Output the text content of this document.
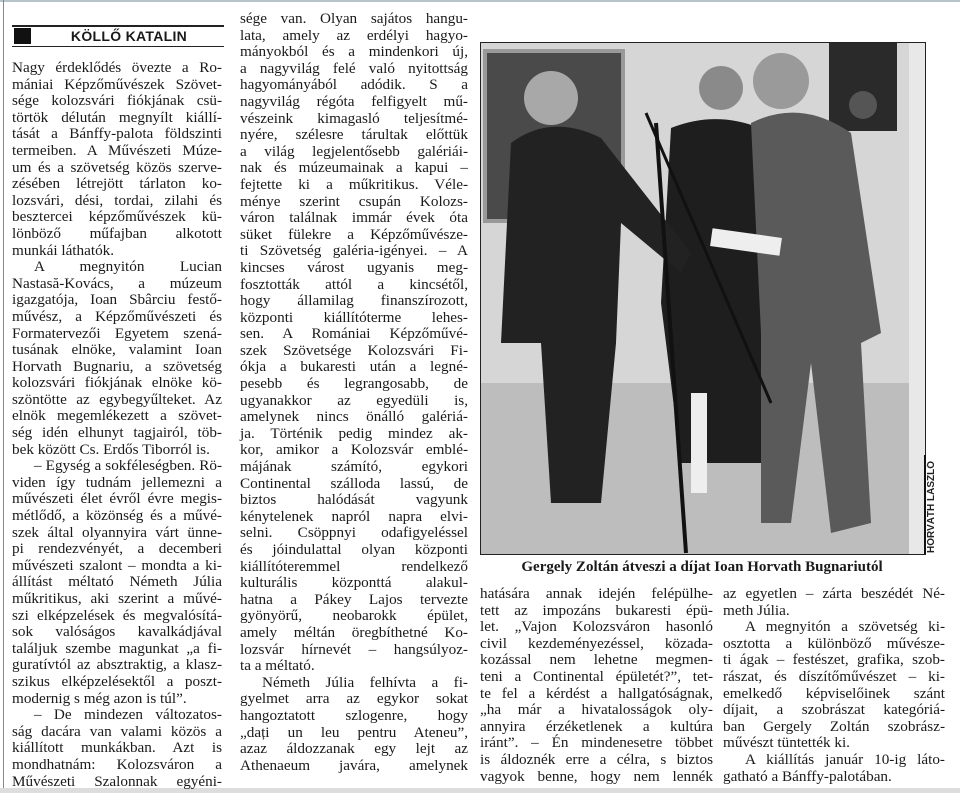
KÖLLŐ KATALIN
Nagy érdeklődés övezte a Ro-
mániai Képzőművészek Szövet-
sége kolozsvári fiókjának csü-
törtök délután megnyílt kiállí-
tását a Bánffy-palota földszinti
termeiben. A Művészeti Múze-
um és a szövetség közös szerve-
zésében létrejött tárlaton ko-
lozsvári, dési, tordai, zilahi és
besztercei képzőművészek kü-
lönböző műfajban alkotott
munkái láthatók.
A megnyitón Lucian
Nastasă-Kovács, a múzeum
igazgatója, Ioan Sbârciu festő-
művész, a Képzőművészeti és
Formatervezői Egyetem szená-
tusának elnöke, valamint Ioan
Horvath Bugnariu, a szövetség
kolozsvári fiókjának elnöke kö-
szöntötte az egybegyűlteket. Az
elnök megemlékezett a szövet-
ség idén elhunyt tagjairól, töb-
bek között Cs. Erdős Tiborról is.
– Egység a sokféleségben. Rö-
viden így tudnám jellemezni a
művészeti élet évről évre megis-
métlődő, a közönség és a művé-
szek által olyannyira várt ünne-
pi rendezvényét, a decemberi
művészeti szalont – mondta a ki-
állítást méltató Németh Júlia
műkritikus, aki szerint a művé-
szi elképzelések és megvalósítá-
sok valóságos kavalkádjával
találjuk szembe magunkat „a fi-
guratívtól az absztraktig, a klasz-
szikus elképzelésektől a poszt-
modernig s még azon is túl”.
– De mindezen változatos-
ság dacára van valami közös a
kiállított munkákban. Azt is
mondhatnám: Kolozsváron a
Művészeti Szalonnak egyéni-
sége van. Olyan sajátos hangu-
lata, amely az erdélyi hagyo-
mányokból és a mindenkori új,
a nagyvilág felé való nyitottság
hagyományából adódik. S a
nagyvilág régóta felfigyelt mű-
vészeink kimagasló teljesítmé-
nyére, szélesre tárultak előttük
a világ legjelentősebb galériái-
nak és múzeumainak a kapui –
fejtette ki a műkritikus. Véle-
ménye szerint csupán Kolozs-
váron találnak immár évek óta
süket fülekre a Képzőművésze-
ti Szövetség galéria-igényei. – A
kincses várost ugyanis meg-
fosztották attól a kincsétől,
hogy államilag finanszírozott,
központi kiállítóterme lehes-
sen. A Romániai Képzőművé-
szek Szövetsége Kolozsvári Fi-
ókja a bukaresti után a legné-
pesebb és legrangosabb, de
ugyanakkor az egyedüli is,
amelynek nincs önálló galériá-
ja. Történik pedig mindez ak-
kor, amikor a Kolozsvár emblé-
májának számító, egykori
Continental szálloda lassú, de
biztos halódását vagyunk
kénytelenek napról napra elvi-
selni. Csöppnyi odafigyeléssel
és jóindulattal olyan központi
kiállítóteremmel rendelkező
kulturális központtá alakul-
hatna a Pákey Lajos tervezte
gyönyörű, neobarokk épület,
amely méltán öregbíthetné Ko-
lozsvár hírnevét – hangsúlyoz-
ta a méltató.
Németh Júlia felhívta a fi-
gyelmet arra az egykor sokat
hangoztatott szlogenre, hogy
„dați un leu pentru Ateneu”,
azaz áldozzanak egy lejt az
Athenaeum javára, amelynek
hatására annak idején felépülhe-
tett az impozáns bukaresti épü-
let. „Vajon Kolozsváron hasonló
civil kezdeményezéssel, közada-
kozással nem lehetne megmen-
teni a Continental épületét?”, tet-
te fel a kérdést a hallgatóságnak,
„ha már a hivatalosságok oly-
annyira érzéketlenek a kultúra
iránt”. – Én mindenesetre többet
is áldoznék erre a célra, s biztos
vagyok benne, hogy nem lennék
az egyetlen – zárta beszédét Né-
meth Júlia.
A megnyitón a szövetség ki-
osztotta a különböző művésze-
ti ágak – festészet, grafika, szob-
rászat, és díszítőművészet – ki-
emelkedő képviselőinek szánt
díjait, a szobrászat kategóriá-
ban Gergely Zoltán szobrász-
művészt tüntették ki.
A kiállítás január 10-ig láto-
gatható a Bánffy-palotában.
HORVÁTH LÁSZLÓ
Gergely Zoltán átveszi a díjat Ioan Horvath Bugnariutól
